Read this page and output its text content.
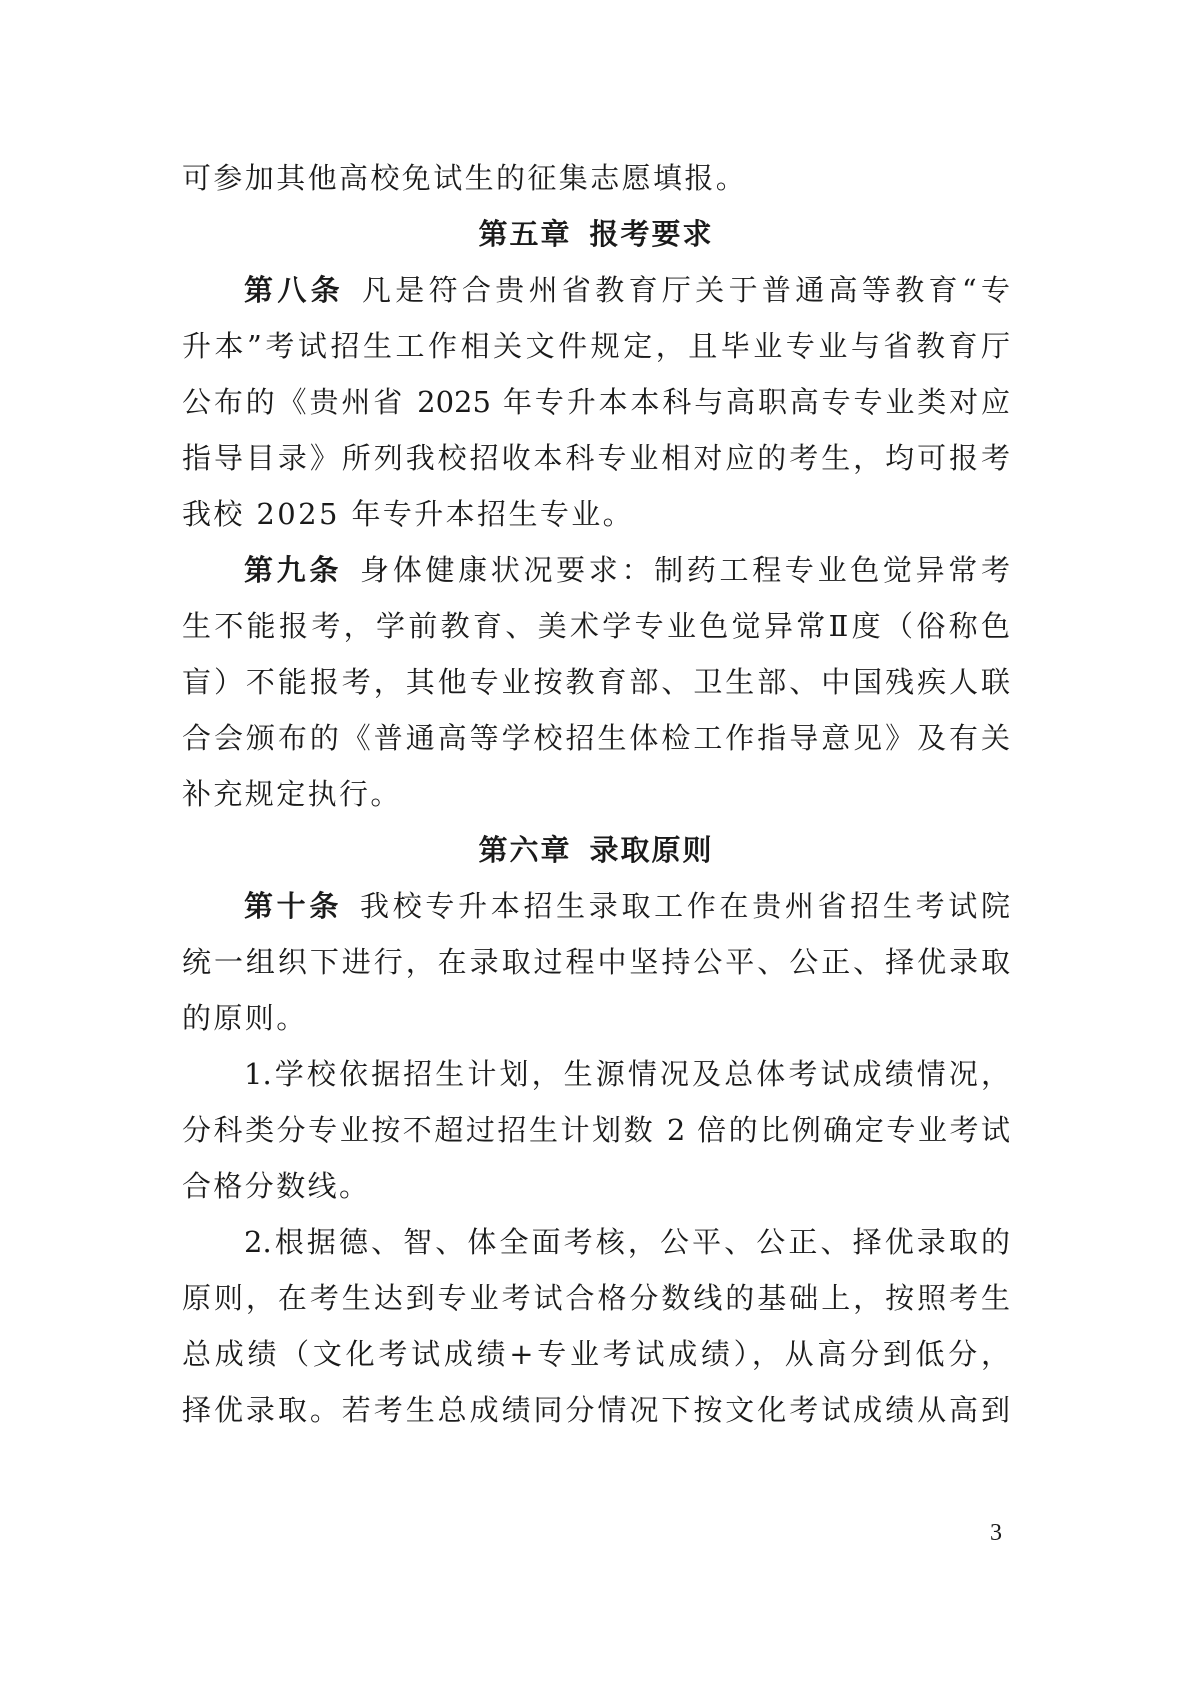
可参加其他高校免试生的征集志愿填报。
第五章 报考要求
第八条 凡是符合贵州省教育厅关于普通高等教育“专
升本”考试招生工作相关文件规定，且毕业专业与省教育厅
公布的《贵州省 2025 年专升本本科与高职高专专业类对应
指导目录》所列我校招收本科专业相对应的考生，均可报考
我校 2025 年专升本招生专业。
第九条 身体健康状况要求：制药工程专业色觉异常考
生不能报考，学前教育、美术学专业色觉异常Ⅱ度（俗称色
盲）不能报考，其他专业按教育部、卫生部、中国残疾人联
合会颁布的《普通高等学校招生体检工作指导意见》及有关
补充规定执行。
第六章 录取原则
第十条 我校专升本招生录取工作在贵州省招生考试院
统一组织下进行，在录取过程中坚持公平、公正、择优录取
的原则。
1.学校依据招生计划，生源情况及总体考试成绩情况，
分科类分专业按不超过招生计划数 2 倍的比例确定专业考试
合格分数线。
2.根据德、智、体全面考核，公平、公正、择优录取的
原则，在考生达到专业考试合格分数线的基础上，按照考生
总成绩（文化考试成绩+专业考试成绩），从高分到低分，
择优录取。若考生总成绩同分情况下按文化考试成绩从高到
3
